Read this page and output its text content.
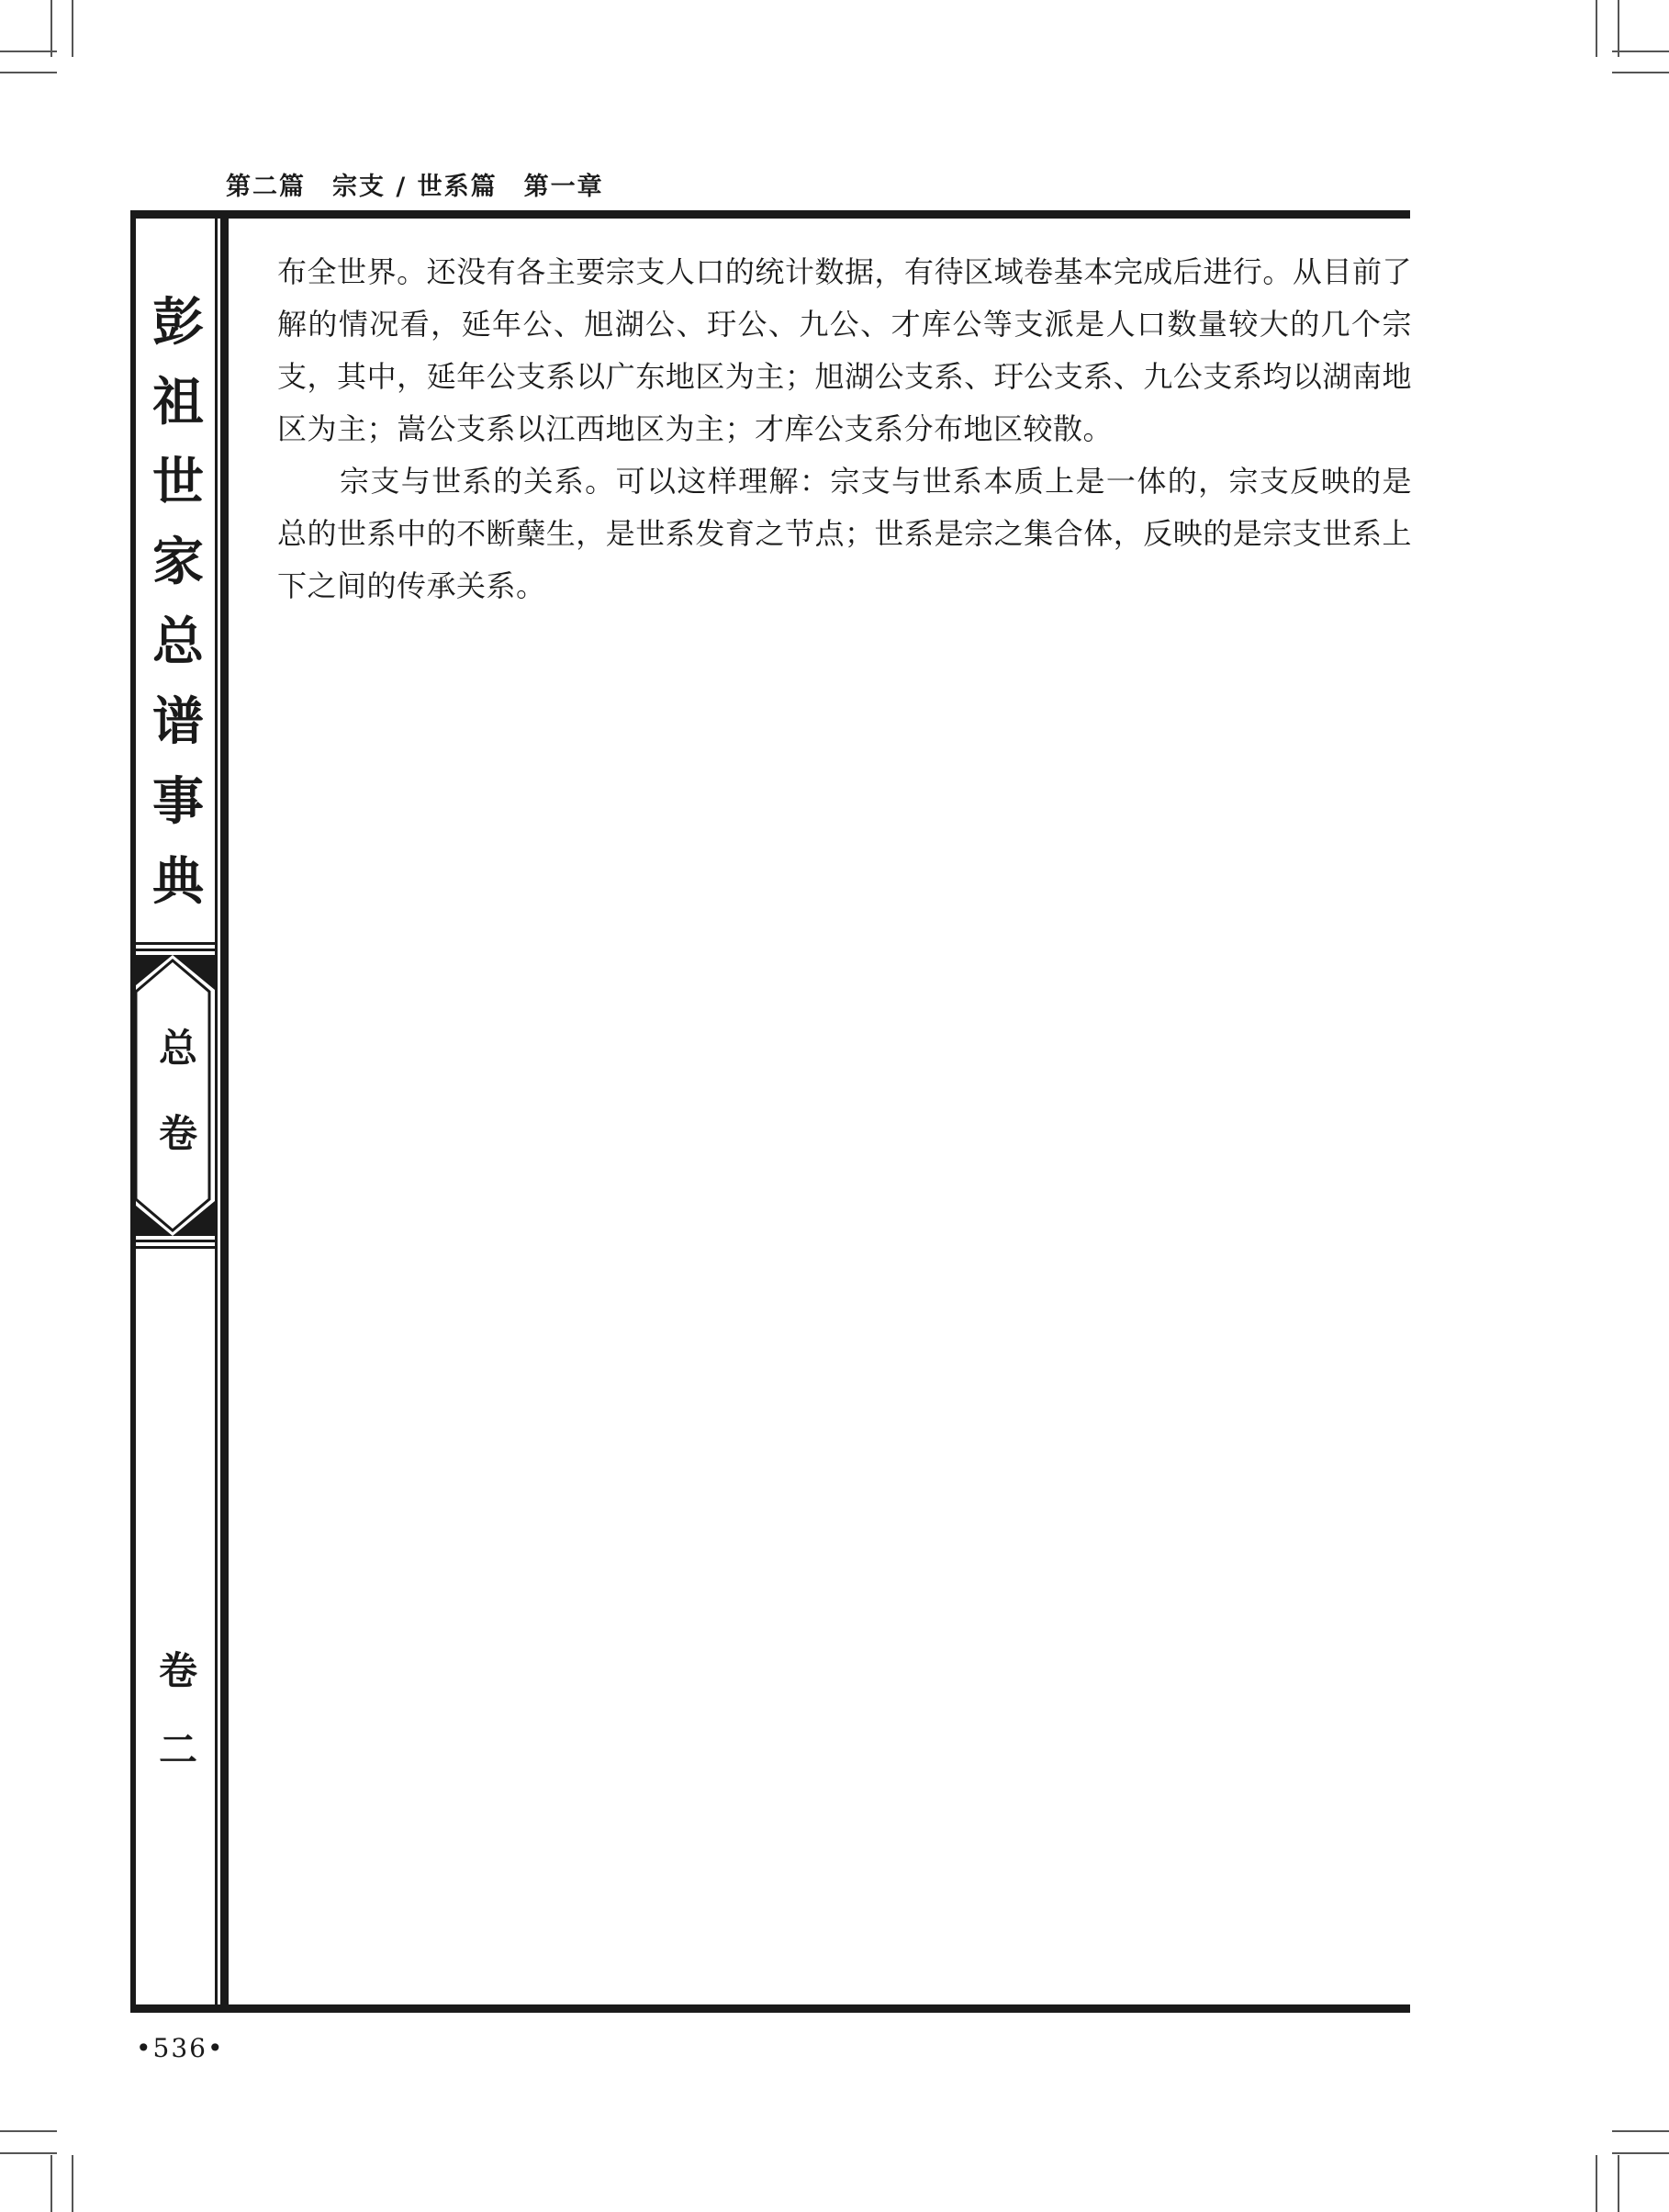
第二篇　宗支 / 世系篇　第一章
彭
祖
世
家
总
谱
事
典
总
卷
卷
二

布全世界。还没有各主要宗支人口的统计数据，有待区域卷基本完成后进行。从目前了解的情况看，延年公、旭湖公、玗公、九公、才库公等支派是人口数量较大的几个宗支，其中，延年公支系以广东地区为主；旭湖公支系、玗公支系、九公支系均以湖南地区为主；嵩公支系以江西地区为主；才库公支系分布地区较散。

宗支与世系的关系。可以这样理解：宗支与世系本质上是一体的，宗支反映的是总的世系中的不断蘖生，是世系发育之节点；世系是宗之集合体，反映的是宗支世系上下之间的传承关系。

•536•
